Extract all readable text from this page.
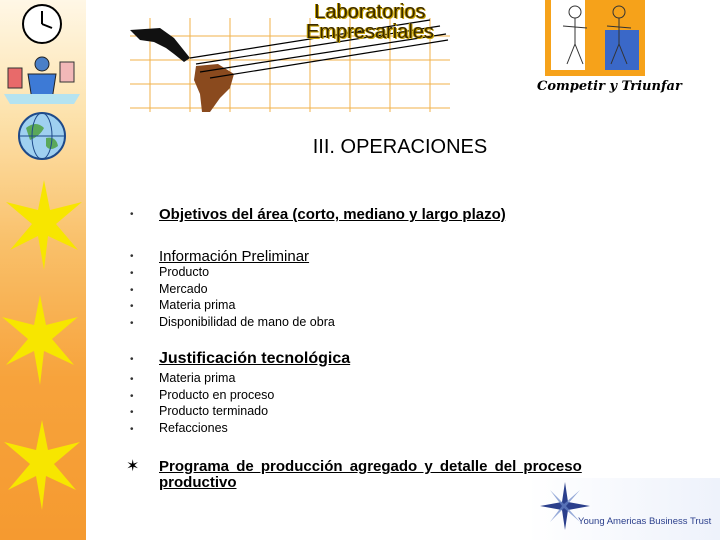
Laboratorios
Empresariales
Competir y Triunfar
III. OPERACIONES
• Objetivos del área (corto, mediano y largo plazo)
• Información Preliminar
• Producto
• Mercado
• Materia prima
• Disponibilidad de mano de obra
• Justificación tecnológica
• Materia prima
• Producto en proceso
• Producto terminado
• Refacciones
✶ Programa de producción agregado y detalle del proceso
productivo
Young Americas Business Trust
